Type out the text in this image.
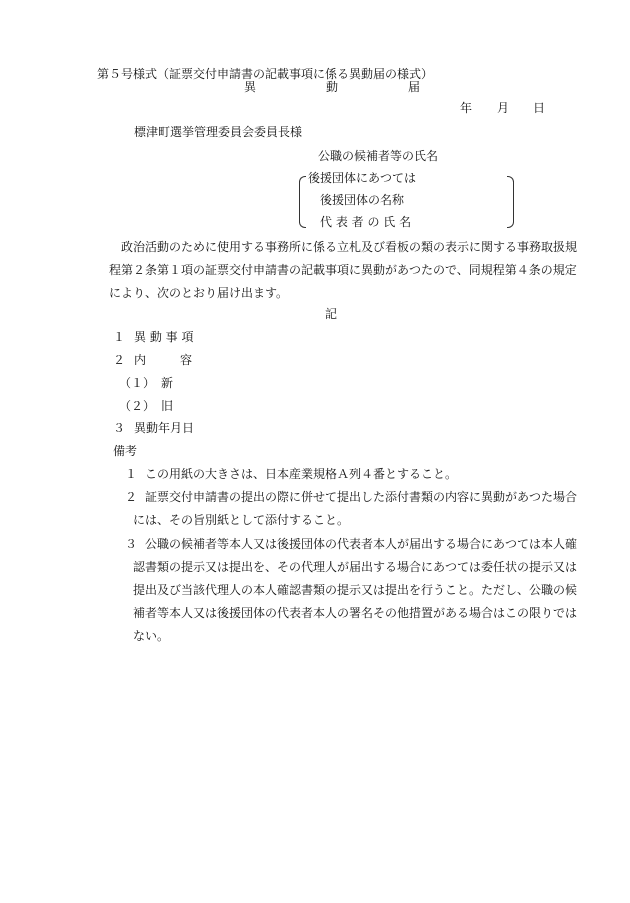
第５号様式（証票交付申請書の記載事項に係る異動届の様式）
異	動	届
年 月 日
標津町選挙管理委員会委員長様
公職の候補者等の氏名
後援団体にあつては
後援団体の名称
代 表 者 の 氏 名
政治活動のために使用する事務所に係る立札及び看板の類の表示に関する事務取扱規
程第２条第１項の証票交付申請書の記載事項に異動があつたので、同規程第４条の規定
により、次のとおり届け出ます。
記
１ 異 動 事 項
２ 内	容
（１）　新
（２）　旧
３ 異動年月日
備考
１ この用紙の大きさは、日本産業規格Ａ列４番とすること。
２ 証票交付申請書の提出の際に併せて提出した添付書類の内容に異動があつた場合
には、その旨別紙として添付すること。
３ 公職の候補者等本人又は後援団体の代表者本人が届出する場合にあつては本人確
認書類の提示又は提出を、その代理人が届出する場合にあつては委任状の提示又は
提出及び当該代理人の本人確認書類の提示又は提出を行うこと。ただし、公職の候
補者等本人又は後援団体の代表者本人の署名その他措置がある場合はこの限りでは
ない。
